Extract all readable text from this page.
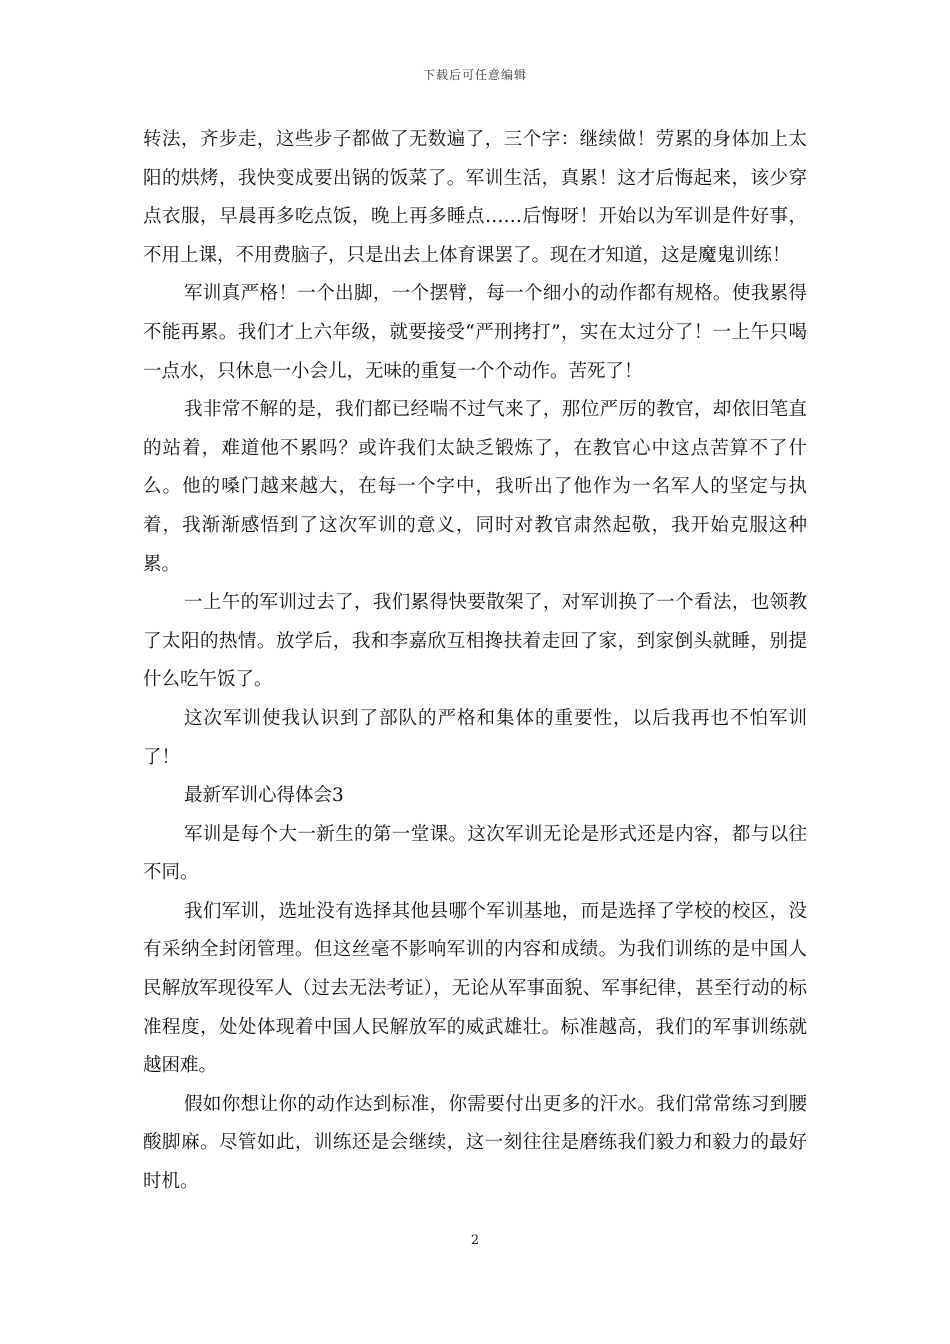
下载后可任意编辑

转法，齐步走，这些步子都做了无数遍了，三个字：继续做！劳累的身体加上太阳的烘烤，我快变成要出锅的饭菜了。军训生活，真累！这才后悔起来，该少穿点衣服，早晨再多吃点饭，晚上再多睡点……后悔呀！开始以为军训是件好事，不用上课，不用费脑子，只是出去上体育课罢了。现在才知道，这是魔鬼训练！

军训真严格！一个出脚，一个摆臂，每一个细小的动作都有规格。使我累得不能再累。我们才上六年级，就要接受“严刑拷打”，实在太过分了！一上午只喝一点水，只休息一小会儿，无味的重复一个个动作。苦死了！

我非常不解的是，我们都已经喘不过气来了，那位严厉的教官，却依旧笔直的站着，难道他不累吗？或许我们太缺乏锻炼了，在教官心中这点苦算不了什么。他的嗓门越来越大，在每一个字中，我听出了他作为一名军人的坚定与执着，我渐渐感悟到了这次军训的意义，同时对教官肃然起敬，我开始克服这种累。

一上午的军训过去了，我们累得快要散架了，对军训换了一个看法，也领教了太阳的热情。放学后，我和李嘉欣互相搀扶着走回了家，到家倒头就睡，别提什么吃午饭了。

这次军训使我认识到了部队的严格和集体的重要性，以后我再也不怕军训了！

最新军训心得体会3

军训是每个大一新生的第一堂课。这次军训无论是形式还是内容，都与以往不同。

我们军训，选址没有选择其他县哪个军训基地，而是选择了学校的校区，没有采纳全封闭管理。但这丝毫不影响军训的内容和成绩。为我们训练的是中国人民解放军现役军人（过去无法考证），无论从军事面貌、军事纪律，甚至行动的标准程度，处处体现着中国人民解放军的威武雄壮。标准越高，我们的军事训练就越困难。

假如你想让你的动作达到标准，你需要付出更多的汗水。我们常常练习到腰酸脚麻。尽管如此，训练还是会继续，这一刻往往是磨练我们毅力和毅力的最好时机。

2
